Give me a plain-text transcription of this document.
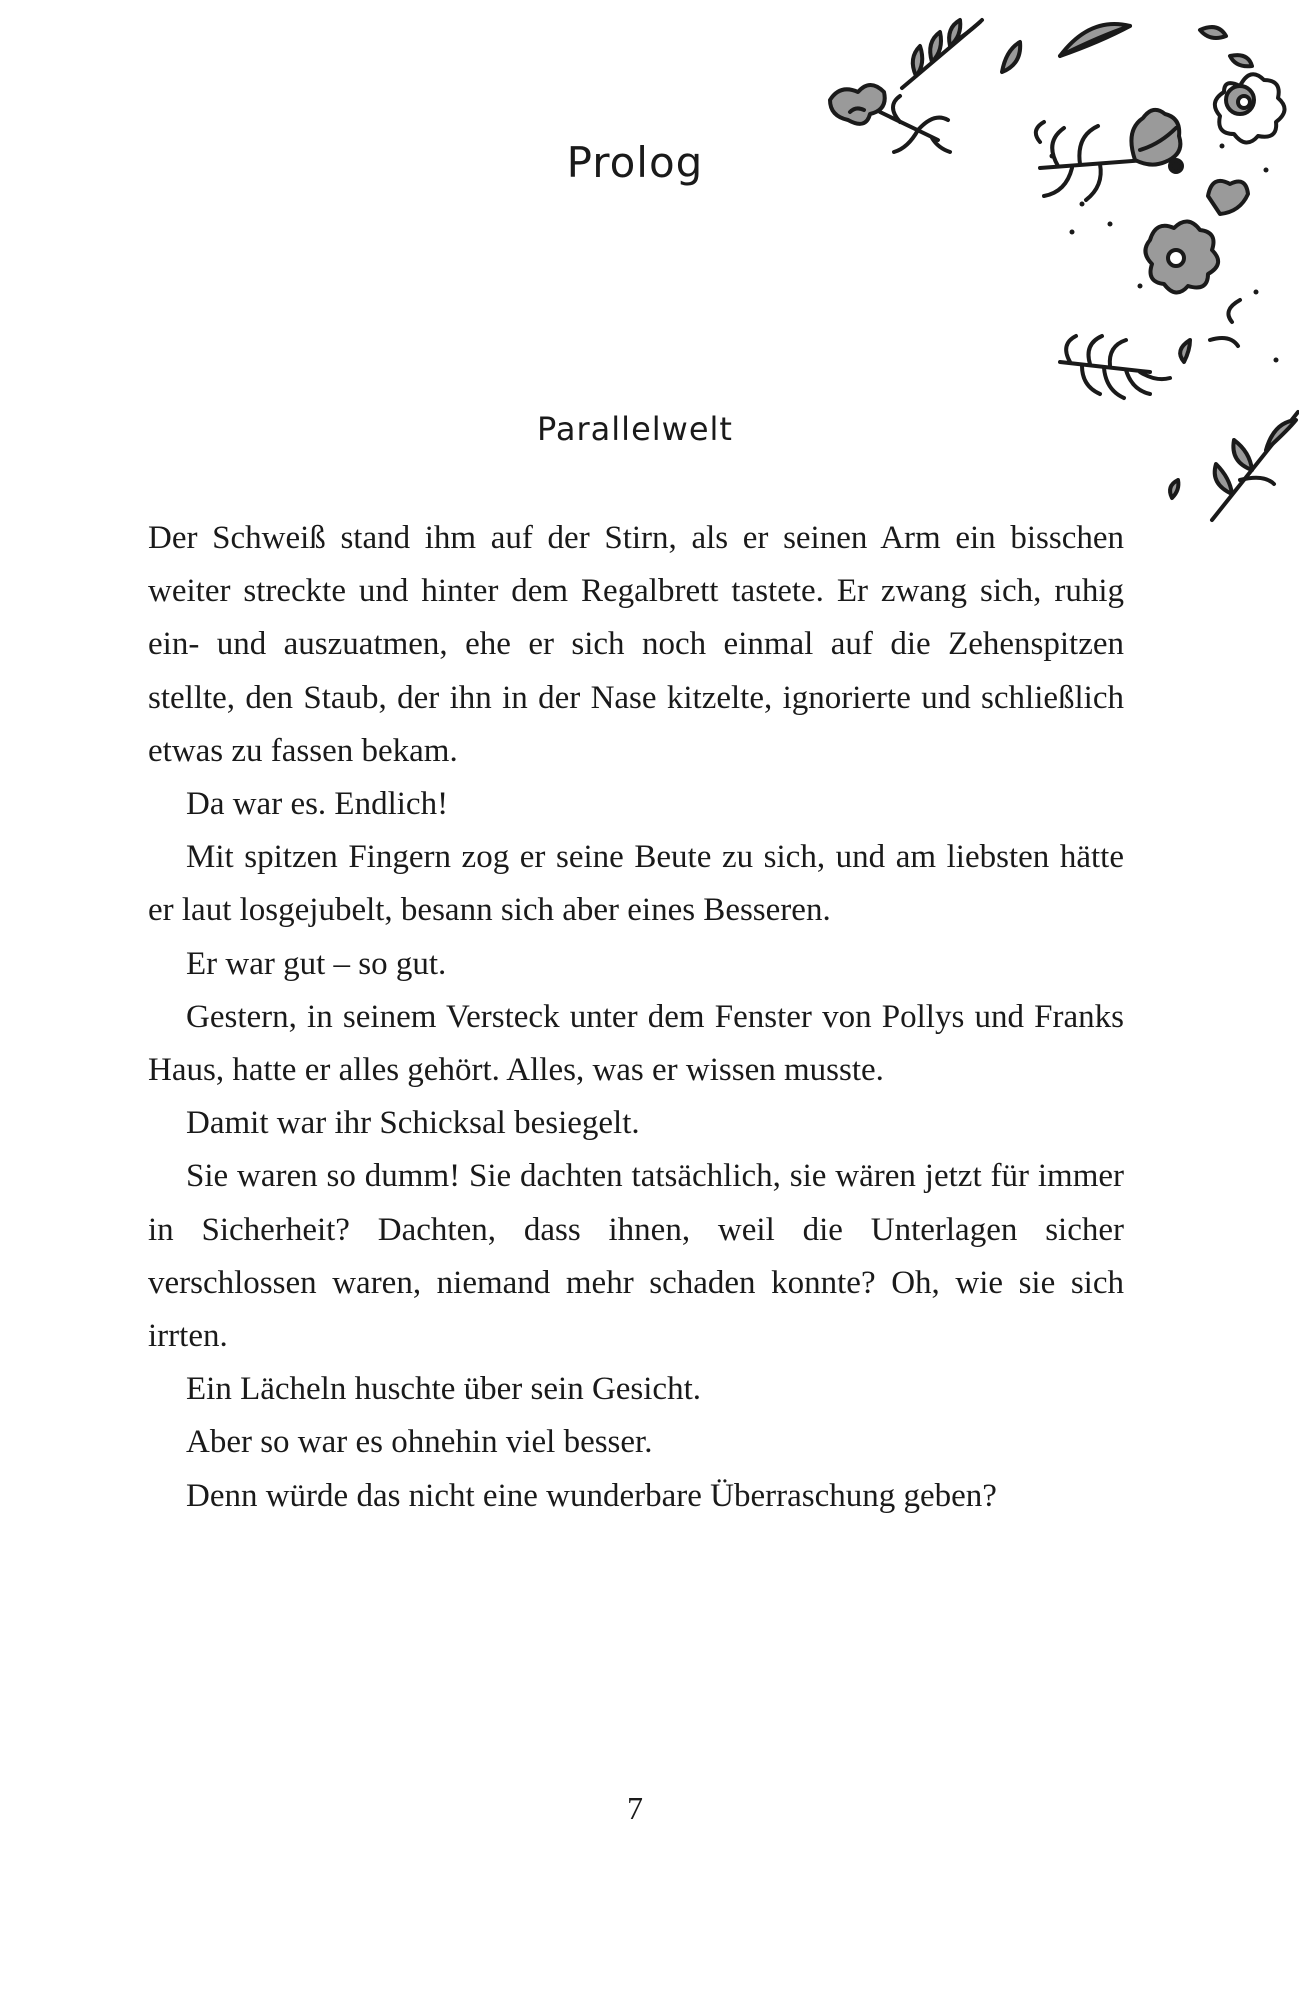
Prolog
Parallelwelt

Der Schweiß stand ihm auf der Stirn, als er seinen Arm ein bisschen weiter streckte und hinter dem Regalbrett tastete. Er zwang sich, ruhig ein- und auszuatmen, ehe er sich noch einmal auf die Zehenspitzen stellte, den Staub, der ihn in der Nase kitzelte, ignorierte und schließlich etwas zu fassen bekam.

Da war es. Endlich!

Mit spitzen Fingern zog er seine Beute zu sich, und am liebsten hätte er laut losgejubelt, besann sich aber eines Besseren.

Er war gut – so gut.

Gestern, in seinem Versteck unter dem Fenster von Pollys und Franks Haus, hatte er alles gehört. Alles, was er wissen musste.

Damit war ihr Schicksal besiegelt.

Sie waren so dumm! Sie dachten tatsächlich, sie wären jetzt für immer in Sicherheit? Dachten, dass ihnen, weil die Unterlagen sicher verschlossen waren, niemand mehr schaden konnte? Oh, wie sie sich irrten.

Ein Lächeln huschte über sein Gesicht.

Aber so war es ohnehin viel besser.

Denn würde das nicht eine wunderbare Überraschung geben?

7
